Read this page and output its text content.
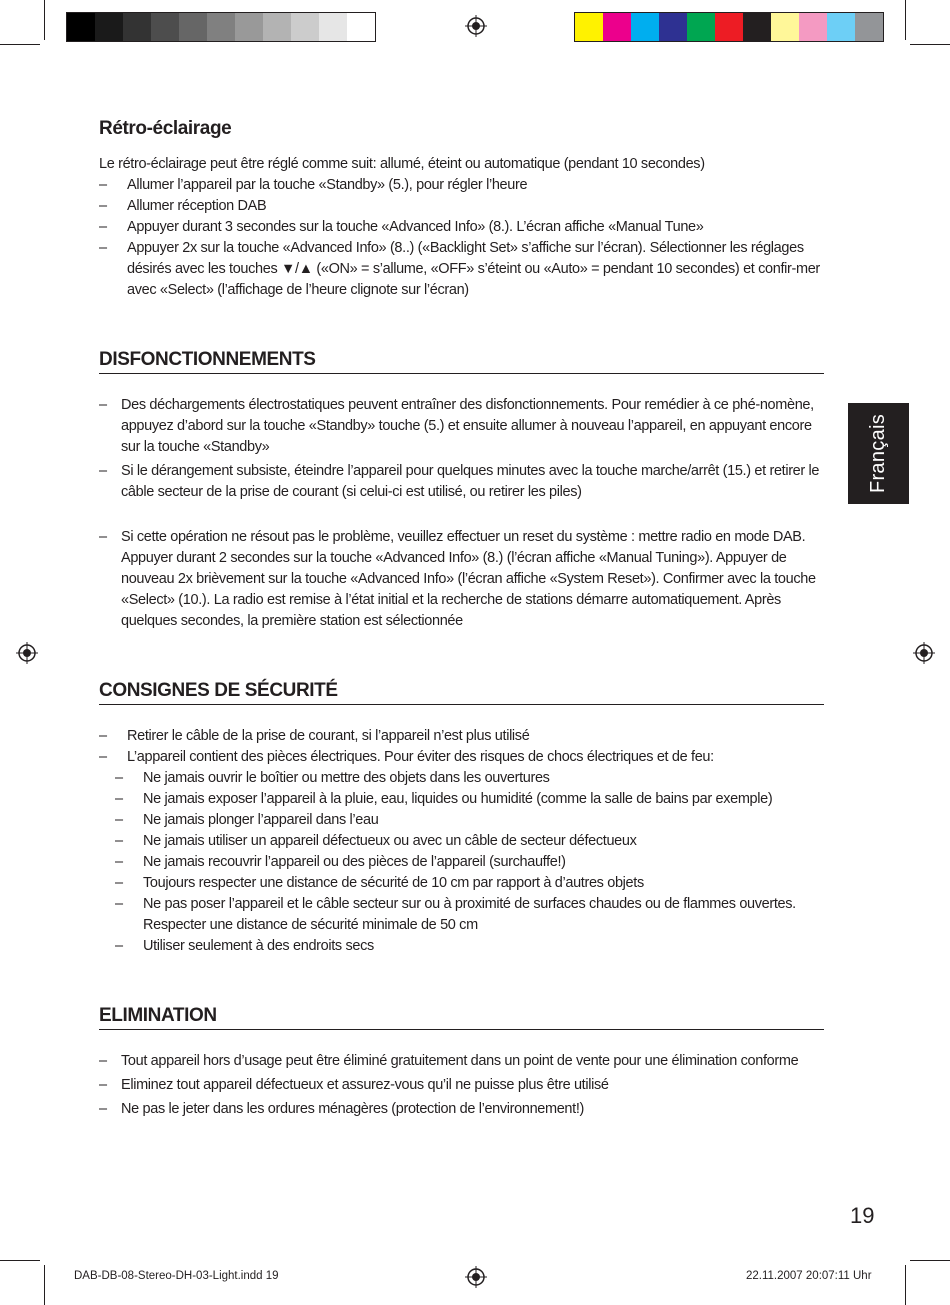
Français
Rétro-éclairage

Le rétro-éclairage peut être réglé comme suit: allumé, éteint ou automatique (pendant 10 secondes)

– Allumer l’appareil par la touche «Standby» (5.), pour régler l’heure
– Allumer réception DAB
– Appuyer durant 3 secondes sur la touche «Advanced Info» (8.). L’écran affiche «Manual Tune»
– Appuyer 2x sur la touche «Advanced Info» (8..) («Backlight Set» s’affiche sur l’écran). Sélectionner les réglages désirés avec les touches ▼/▲ («ON» = s’allume, «OFF» s’éteint ou «Auto» = pendant 10 secondes) et confir-mer avec «Select» (l’affichage de l’heure clignote sur l’écran)
DISFONCTIONNEMENTS
– Des déchargements électrostatiques peuvent entraîner des disfonctionnements. Pour remédier à ce phé-nomène, appuyez d’abord sur la touche «Standby» touche (5.) et ensuite allumer à nouveau l’appareil, en appuyant encore sur la touche «Standby»
– Si le dérangement subsiste, éteindre l’appareil pour quelques minutes avec la touche marche/arrêt (15.) et retirer le câble secteur de la prise de courant (si celui-ci est utilisé, ou retirer les piles)
– Si cette opération ne résout pas le problème, veuillez effectuer un reset du système : mettre radio en mode DAB. Appuyer durant 2 secondes sur la touche «Advanced Info» (8.) (l’écran affiche «Manual Tuning»). Appuyer de nouveau 2x brièvement sur la touche «Advanced Info» (l’écran affiche «System Reset»). Confirmer avec la touche «Select» (10.). La radio est remise à l’état initial et la recherche de stations démarre automatiquement. Après quelques secondes, la première station est sélectionnée
CONSIGNES DE SÉCURITÉ
– Retirer le câble de la prise de courant, si l’appareil n’est plus utilisé
– L’appareil contient des pièces électriques. Pour éviter des risques de chocs électriques et de feu:
– Ne jamais ouvrir le boîtier ou mettre des objets dans les ouvertures
– Ne jamais exposer l’appareil à la pluie, eau, liquides ou humidité (comme la salle de bains par exemple)
– Ne jamais plonger l’appareil dans l’eau
– Ne jamais utiliser un appareil défectueux ou avec un câble de secteur défectueux
– Ne jamais recouvrir l’appareil ou des pièces de l’appareil (surchauffe!)
– Toujours respecter une distance de sécurité de 10 cm par rapport à d’autres objets
– Ne pas poser l’appareil et le câble secteur sur ou à proximité de surfaces chaudes ou de flammes ouvertes. Respecter une distance de sécurité minimale de 50 cm
– Utiliser seulement à des endroits secs
ELIMINATION
– Tout appareil hors d’usage peut être éliminé gratuitement dans un point de vente pour une élimination conforme
– Eliminez tout appareil défectueux et assurez-vous qu’il ne puisse plus être utilisé
– Ne pas le jeter dans les ordures ménagères (protection de l’environnement!)
19
DAB-DB-08-Stereo-DH-03-Light.indd 19	22.11.2007 20:07:11 Uhr
